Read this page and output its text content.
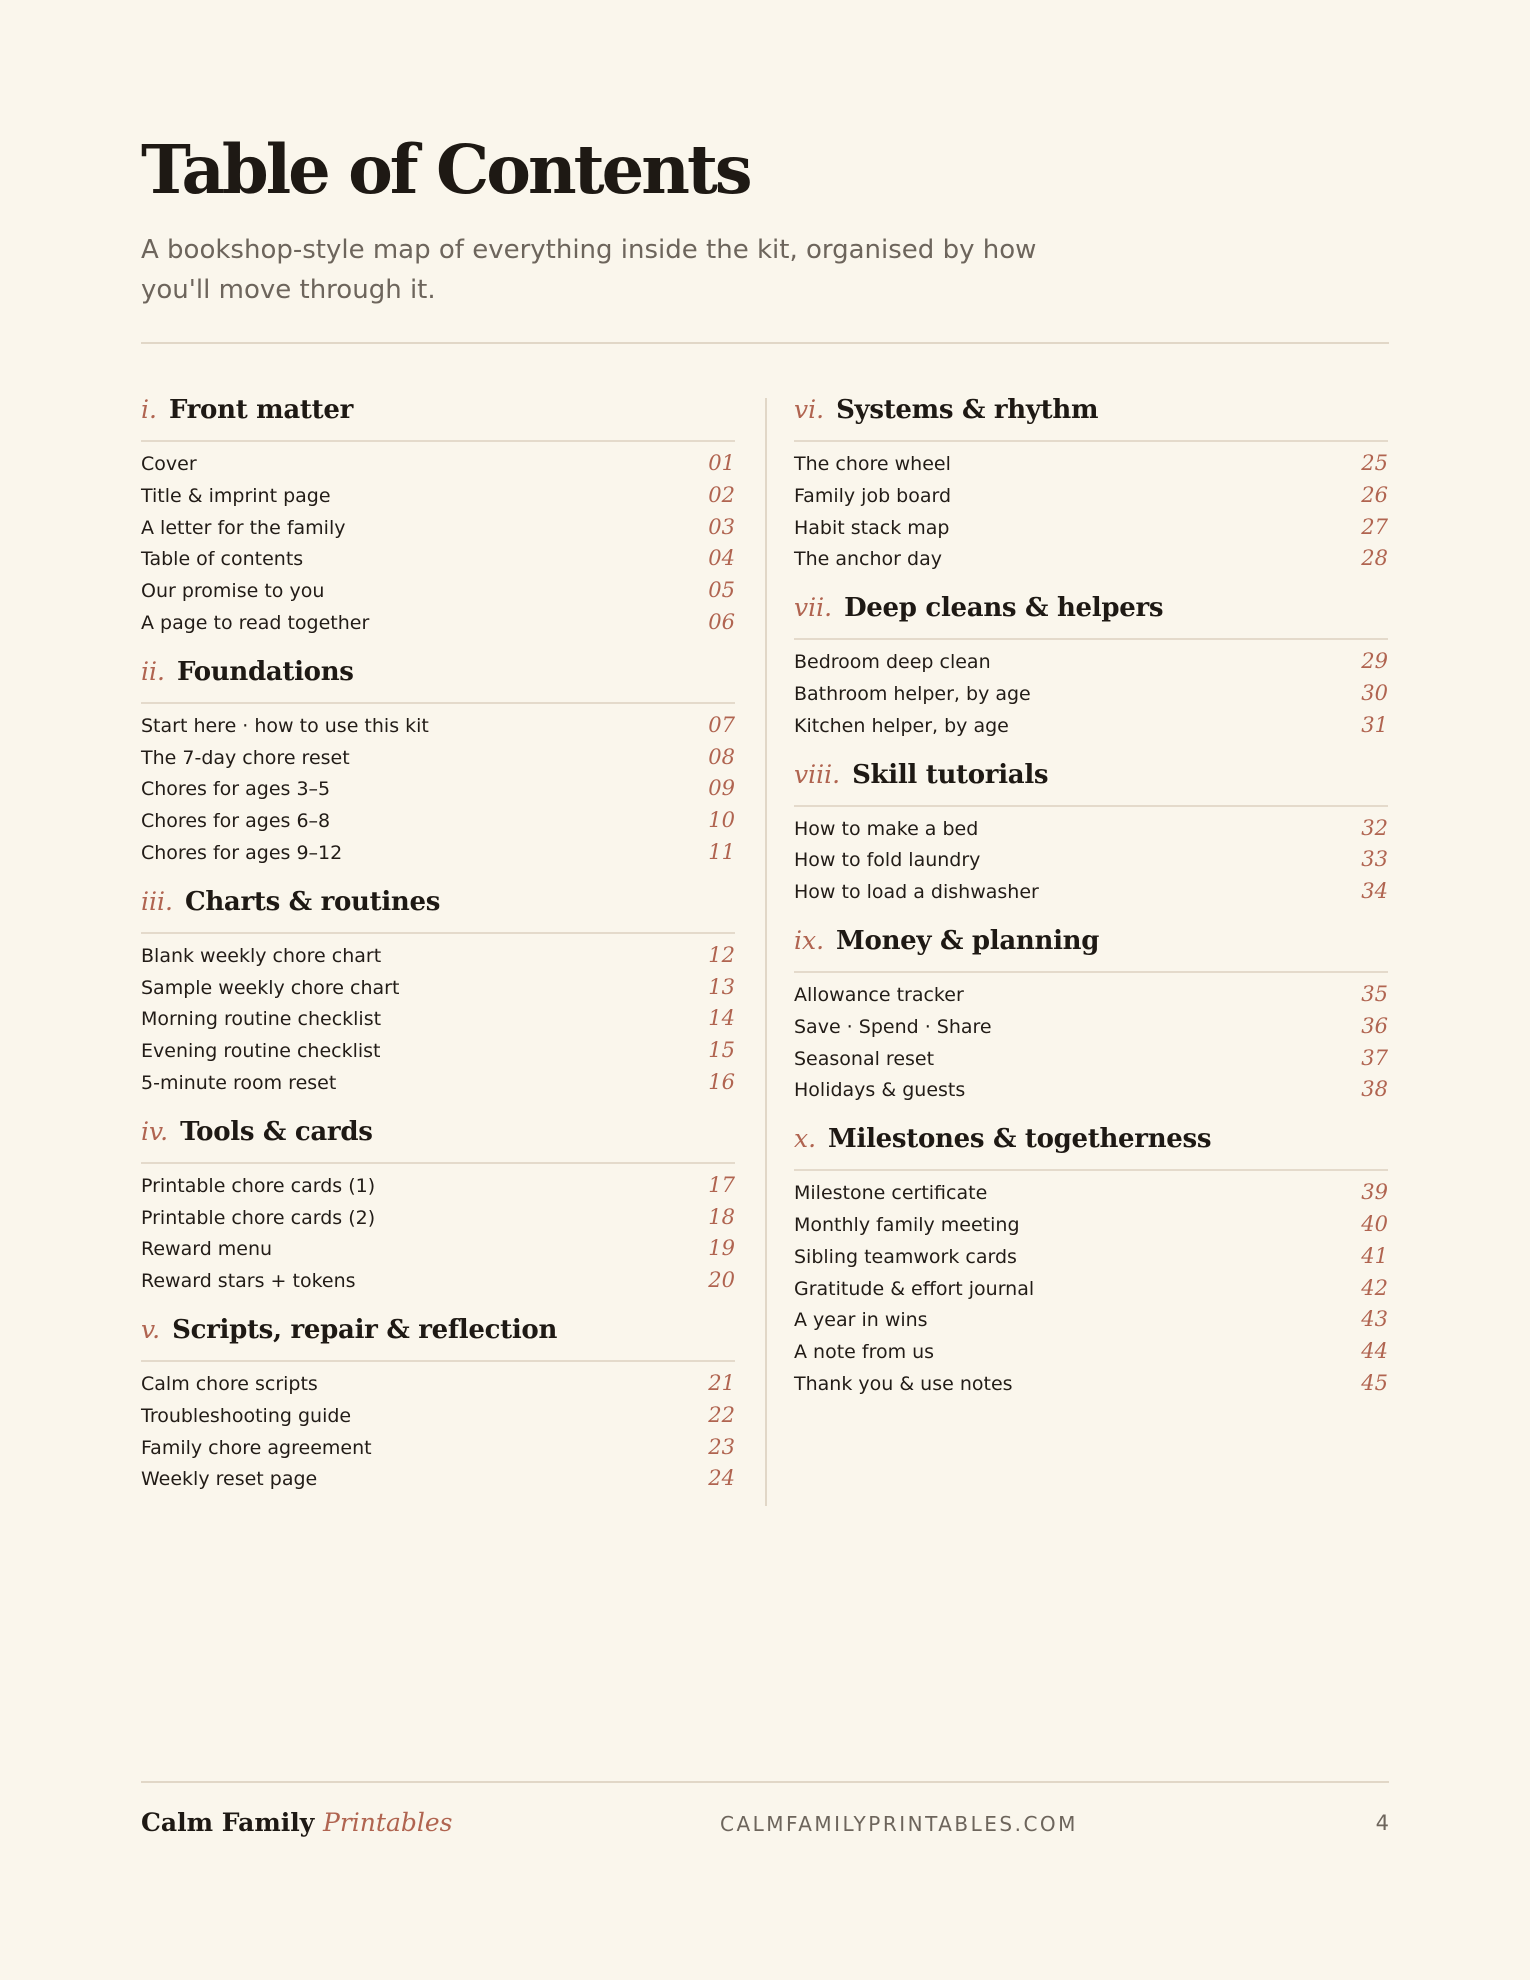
Table of Contents

A bookshop-style map of everything inside the kit, organised by how you'll move through it.

i. Front matter
Cover	01
Title & imprint page	02
A letter for the family	03
Table of contents	04
Our promise to you	05
A page to read together	06
ii. Foundations
Start here · how to use this kit	07
The 7-day chore reset	08
Chores for ages 3–5	09
Chores for ages 6–8	10
Chores for ages 9–12	11
iii. Charts & routines
Blank weekly chore chart	12
Sample weekly chore chart	13
Morning routine checklist	14
Evening routine checklist	15
5-minute room reset	16
iv. Tools & cards
Printable chore cards (1)	17
Printable chore cards (2)	18
Reward menu	19
Reward stars + tokens	20
v. Scripts, repair & reflection
Calm chore scripts	21
Troubleshooting guide	22
Family chore agreement	23
Weekly reset page	24
vi. Systems & rhythm
The chore wheel	25
Family job board	26
Habit stack map	27
The anchor day	28
vii. Deep cleans & helpers
Bedroom deep clean	29
Bathroom helper, by age	30
Kitchen helper, by age	31
viii. Skill tutorials
How to make a bed	32
How to fold laundry	33
How to load a dishwasher	34
ix. Money & planning
Allowance tracker	35
Save · Spend · Share	36
Seasonal reset	37
Holidays & guests	38
x. Milestones & togetherness
Milestone certificate	39
Monthly family meeting	40
Sibling teamwork cards	41
Gratitude & effort journal	42
A year in wins	43
A note from us	44
Thank you & use notes	45
Calm Family Printables	CALMFAMILYPRINTABLES.COM	4
